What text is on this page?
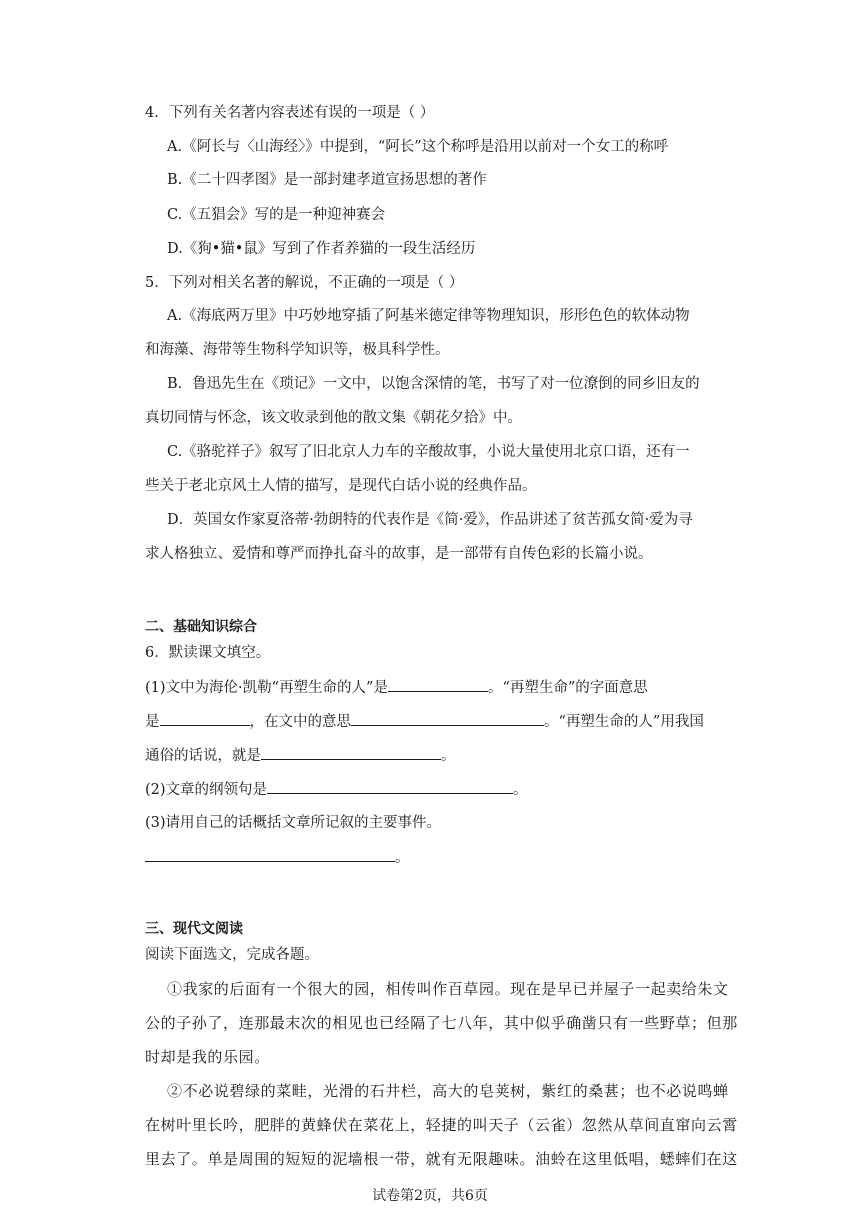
4．下列有关名著内容表述有误的一项是（ ）
A.《阿长与〈山海经〉》中提到，“阿长”这个称呼是沿用以前对一个女工的称呼
B.《二十四孝图》是一部封建孝道宣扬思想的著作
C.《五猖会》写的是一种迎神赛会
D.《狗•猫•鼠》写到了作者养猫的一段生活经历
5．下列对相关名著的解说，不正确的一项是（ ）
A.《海底两万里》中巧妙地穿插了阿基米德定律等物理知识，形形色色的软体动物
和海藻、海带等生物科学知识等，极具科学性。
B．鲁迅先生在《琐记》一文中，以饱含深情的笔，书写了对一位潦倒的同乡旧友的
真切同情与怀念，该文收录到他的散文集《朝花夕拾》中。
C.《骆驼祥子》叙写了旧北京人力车的辛酸故事，小说大量使用北京口语，还有一
些关于老北京风土人情的描写，是现代白话小说的经典作品。
D．英国女作家夏洛蒂·勃朗特的代表作是《简·爱》，作品讲述了贫苦孤女简·爱为寻
求人格独立、爱情和尊严而挣扎奋斗的故事，是一部带有自传色彩的长篇小说。
二、基础知识综合
6．默读课文填空。
(1)文中为海伦·凯勒“再塑生命的人”是	。“再塑生命”的字面意思
是	，在文中的意思	。“再塑生命的人”用我国
通俗的话说，就是	。
(2)文章的纲领句是	。
(3)请用自己的话概括文章所记叙的主要事件。
。
三、现代文阅读
阅读下面选文，完成各题。
①我家的后面有一个很大的园，相传叫作百草园。现在是早已并屋子一起卖给朱文
公的子孙了，连那最末次的相见也已经隔了七八年，其中似乎确凿只有一些野草；但那
时却是我的乐园。
②不必说碧绿的菜畦，光滑的石井栏，高大的皂荚树，紫红的桑葚；也不必说鸣蝉
在树叶里长吟，肥胖的黄蜂伏在菜花上，轻捷的叫天子（云雀）忽然从草间直窜向云霄
里去了。单是周围的短短的泥墙根一带，就有无限趣味。油蛉在这里低唱，蟋蟀们在这
试卷第2页，共6页
